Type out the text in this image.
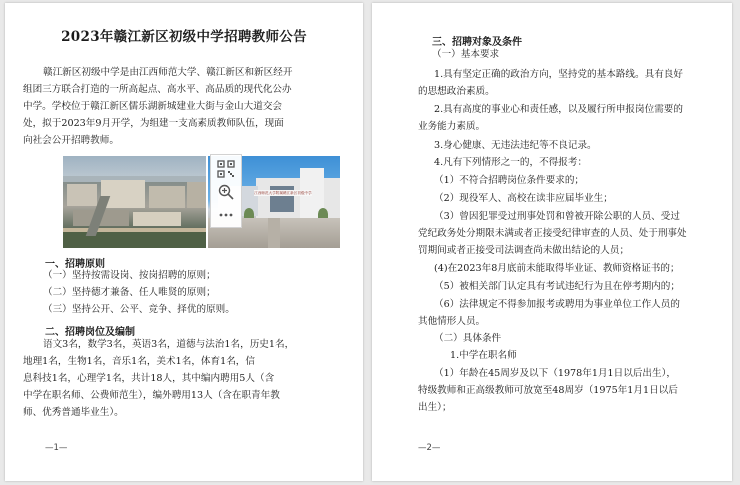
2023年赣江新区初级中学招聘教师公告
赣江新区初级中学是由江西师范大学、赣江新区和新区经开
组团三方联合打造的一所高起点、高水平、高品质的现代化公办
中学。学校位于赣江新区儒乐湖新城建业大街与金山大道交会
处，拟于2023年9月开学，为组建一支高素质教师队伍，现面
向社会公开招聘教师。
江西师范大学附属赣江新区初级中学
一、招聘原则
（一）坚持按需设岗、按岗招聘的原则；
（二）坚持德才兼备、任人唯贤的原则；
（三）坚持公开、公平、竞争、择优的原则。
二、招聘岗位及编制
语文3名，数学3名，英语3名，道德与法治1名，历史1名，
地理1名，生物1名，音乐1名，美术1名，体育1名，信
息科技1名，心理学1名，共计18人，其中编内聘用5人（含
中学在职名师、公费师范生），编外聘用13人（含在职青年教
师、优秀普通毕业生）。
—1—
三、招聘对象及条件
（一）基本要求
1.具有坚定正确的政治方向，坚持党的基本路线。具有良好
的思想政治素质。
2.具有高度的事业心和责任感，以及履行所申报岗位需要的
业务能力素质。
3.身心健康、无违法违纪等不良记录。
4.凡有下列情形之一的，不得报考：
（1）不符合招聘岗位条件要求的；
（2）现役军人、高校在读非应届毕业生；
（3）曾因犯罪受过刑事处罚和曾被开除公职的人员、受过
党纪政务处分期限未满或者正接受纪律审查的人员、处于刑事处
罚期间或者正接受司法调查尚未做出结论的人员；
(4)在2023年8月底前未能取得毕业证、教师资格证书的；
（5）被相关部门认定具有考试违纪行为且在停考期内的；
（6）法律规定不得参加报考或聘用为事业单位工作人员的
其他情形人员。
（二）具体条件
1.中学在职名师
（1）年龄在45周岁及以下（1978年1月1日以后出生），
特级教师和正高级教师可放宽至48周岁（1975年1月1日以后
出生）；
—2—
